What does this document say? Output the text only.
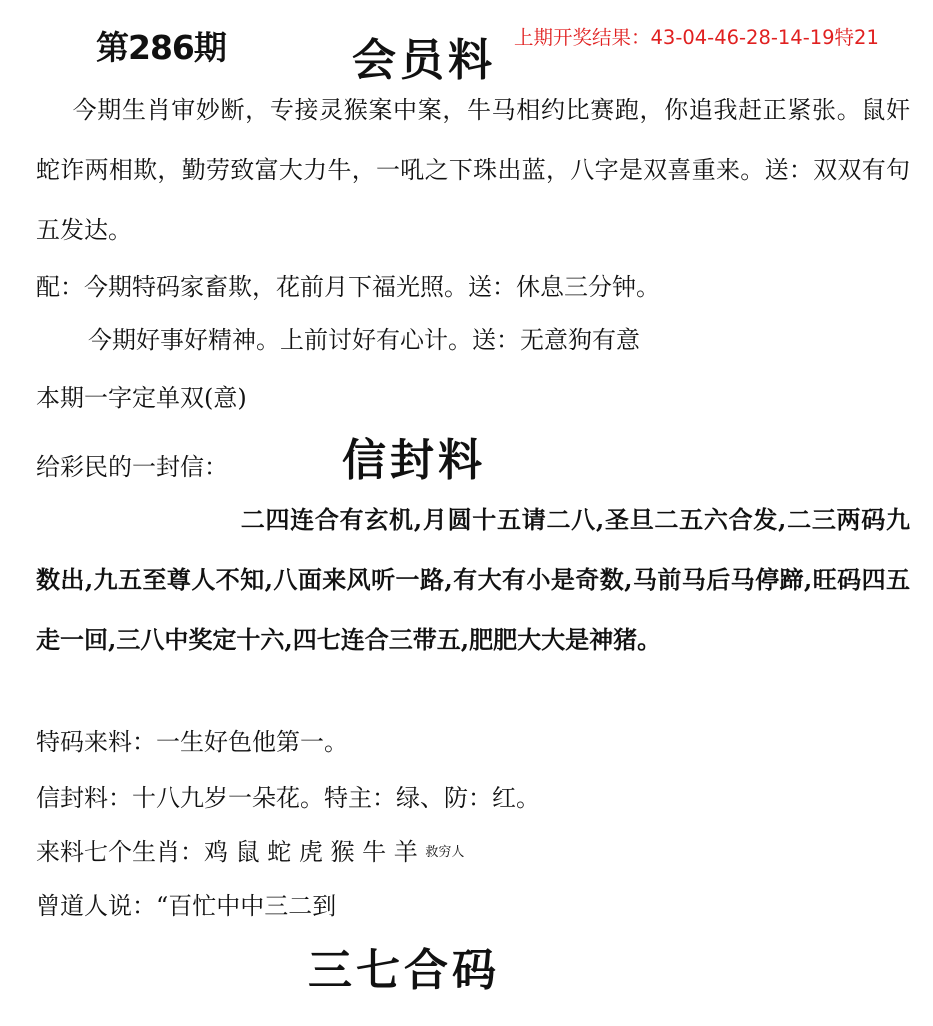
第286期	会员料 上期开奖结果：43-04-46-28-14-19特21
今期生肖审妙断，专接灵猴案中案，牛马相约比赛跑，你追我赶正紧张。鼠奸蛇诈两相欺，勤劳致富大力牛，一吼之下珠出蓝，八字是双喜重来。送：双双有句五发达。
配：今期特码家畜欺，花前月下福光照。送：休息三分钟。
今期好事好精神。上前讨好有心计。送：无意狗有意
本期一字定单双(意)
给彩民的一封信：	信封料
二四连合有玄机,月圆十五请二八,圣旦二五六合发,二三两码九数出,九五至尊人不知,八面来风听一路,有大有小是奇数,马前马后马停蹄,旺码四五走一回,三八中奖定十六,四七连合三带五,肥肥大大是神猪。
特码来料：一生好色他第一。
信封料：十八九岁一朵花。特主：绿、防：红。
来料七个生肖：鸡 鼠 蛇 虎 猴 牛 羊 救穷人
曾道人说：“百忙中中三二到
三七合码
